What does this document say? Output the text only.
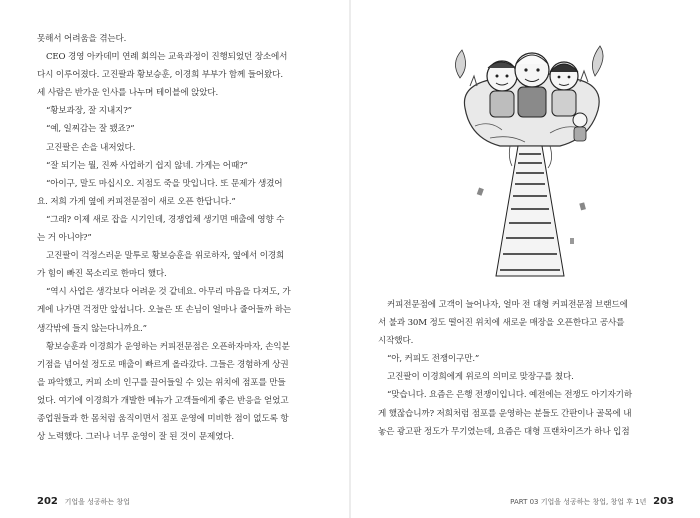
못해서 어려움을 겪는다.

CEO 경영 아카데미 연례 회의는 교육과정이 진행되었던 장소에서

다시 이루어졌다. 고진팔과 황보승훈, 이경희 부부가 함께 들어왔다.

세 사람은 반가운 인사를 나누며 테이블에 앉았다.

“황보과장, 잘 지내지?”

“예, 일찌감는 잘 됐죠?”

고진팔은 손을 내저었다.

“잘 되기는 뭘, 진짜 사업하기 쉽지 않네. 가게는 어때?”

“아이구, 말도 마십시오. 지점도 죽을 맛입니다. 또 문제가 생겼어

요. 저희 가게 옆에 커피전문점이 새로 오픈 한답니다.”

“그래? 이제 새로 잡을 시기인데, 경쟁업체 생기면 매출에 영향 수

는 거 아니야?”

고진팔이 걱정스러운 말투로 황보승훈을 위로하자, 옆에서 이경희

가 힘이 빠진 목소리로 한마디 했다.

“역시 사업은 생각보다 어려운 것 같네요. 아무리 마음을 다져도, 가

게에 나가면 걱정만 앞섭니다. 오늘은 또 손님이 얼마나 줄어들까 하는

생각밖에 들지 않는다니까요.”

황보승훈과 이경희가 운영하는 커피전문점은 오픈하자마자, 손익분

기점을 넘어설 정도로 매출이 빠르게 올라갔다. 그들은 경험하게 상권

을 파악했고, 커피 소비 인구를 끌어들일 수 있는 위치에 점포를 만들

었다. 여기에 이경희가 개발한 메뉴가 고객들에게 좋은 반응을 얻었고

종업원들과 한 몸처럼 움직이면서 점포 운영에 미비한 점이 없도록 항

상 노력했다. 그러나 너무 운영이 잘 된 것이 문제였다.

202 기업을 성공하는 창업

커피전문점에 고객이 늘어나자, 얼마 전 대형 커피전문점 브랜드에

서 불과 30M 정도 떨어진 위치에 새로운 매장을 오픈한다고 공사를

시작했다.

“아, 커피도 전쟁이구만.”

고진팔이 이경희에게 위로의 의미로 맞장구를 쳤다.

“맞습니다. 요즘은 은행 전쟁이입니다. 예전에는 전쟁도 아기자기하

게 했잖습니까? 저희처럼 점포를 운영하는 분들도 간판이나 골목에 내

놓은 광고판 정도가 무기였는데, 요즘은 대형 프랜차이즈가 하나 입점

PART 03 기업을 성공하는 창업, 창업 후 1년 203
